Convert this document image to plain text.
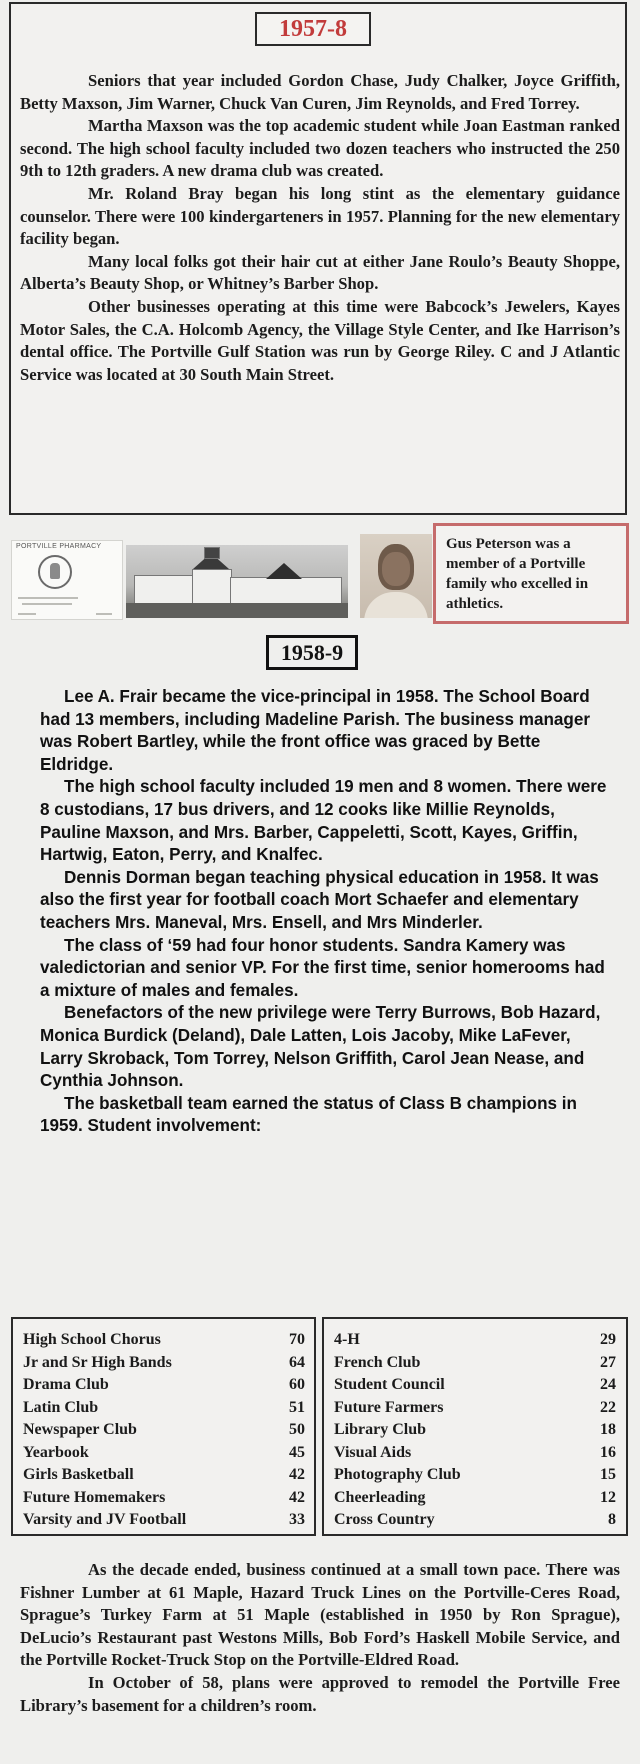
1957-8

Seniors that year included Gordon Chase, Judy Chalker, Joyce Griffith, Betty Maxson, Jim Warner, Chuck Van Curen, Jim Reynolds, and Fred Torrey.

Martha Maxson was the top academic student while Joan Eastman ranked second. The high school faculty included two dozen teachers who instructed the 250 9th to 12th graders. A new drama club was created.

Mr. Roland Bray began his long stint as the elementary guidance counselor. There were 100 kindergarteners in 1957. Planning for the new elementary facility began.

Many local folks got their hair cut at either Jane Roulo’s Beauty Shoppe, Alberta’s Beauty Shop, or Whitney’s Barber Shop.

Other businesses operating at this time were Babcock’s Jewelers, Kayes Motor Sales, the C.A. Holcomb Agency, the Village Style Center, and Ike Harrison’s dental office. The Portville Gulf Station was run by George Riley. C and J Atlantic Service was located at 30 South Main Street.

PORTVILLE PHARMACY	Gus Peterson was a member of a Portville family who excelled in athletics.
1958-9

Lee A. Frair became the vice-principal in 1958. The School Board had 13 members, including Madeline Parish. The business manager was Robert Bartley, while the front office was graced by Bette Eldridge.

The high school faculty included 19 men and 8 women. There were 8 custodians, 17 bus drivers, and 12 cooks like Millie Reynolds, Pauline Maxson, and Mrs. Barber, Cappeletti, Scott, Kayes, Griffin, Hartwig, Eaton, Perry, and Knalfec.

Dennis Dorman began teaching physical education in 1958. It was also the first year for football coach Mort Schaefer and elementary teachers Mrs. Maneval, Mrs. Ensell, and Mrs Minderler.

The class of ‘59 had four honor students. Sandra Kamery was valedictorian and senior VP. For the first time, senior homerooms had a mixture of males and females.

Benefactors of the new privilege were Terry Burrows, Bob Hazard, Monica Burdick (Deland), Dale Latten, Lois Jacoby, Mike LaFever, Larry Skroback, Tom Torrey, Nelson Griffith, Carol Jean Nease, and Cynthia Johnson.

The basketball team earned the status of Class B champions in 1959. Student involvement:

High School Chorus	70
Jr and Sr High Bands	64
Drama Club	60
Latin Club	51
Newspaper Club	50
Yearbook	45
Girls Basketball	42
Future Homemakers	42
Varsity and JV Football	33
4-H	29
French Club	27
Student Council	24
Future Farmers	22
Library Club	18
Visual Aids	16
Photography Club	15
Cheerleading	12
Cross Country	8

As the decade ended, business continued at a small town pace. There was Fishner Lumber at 61 Maple, Hazard Truck Lines on the Portville-Ceres Road, Sprague’s Turkey Farm at 51 Maple (established in 1950 by Ron Sprague), DeLucio’s Restaurant past Westons Mills, Bob Ford’s Haskell Mobile Service, and the Portville Rocket-Truck Stop on the Portville-Eldred Road.

In October of 58, plans were approved to remodel the Portville Free Library’s basement for a children’s room.
